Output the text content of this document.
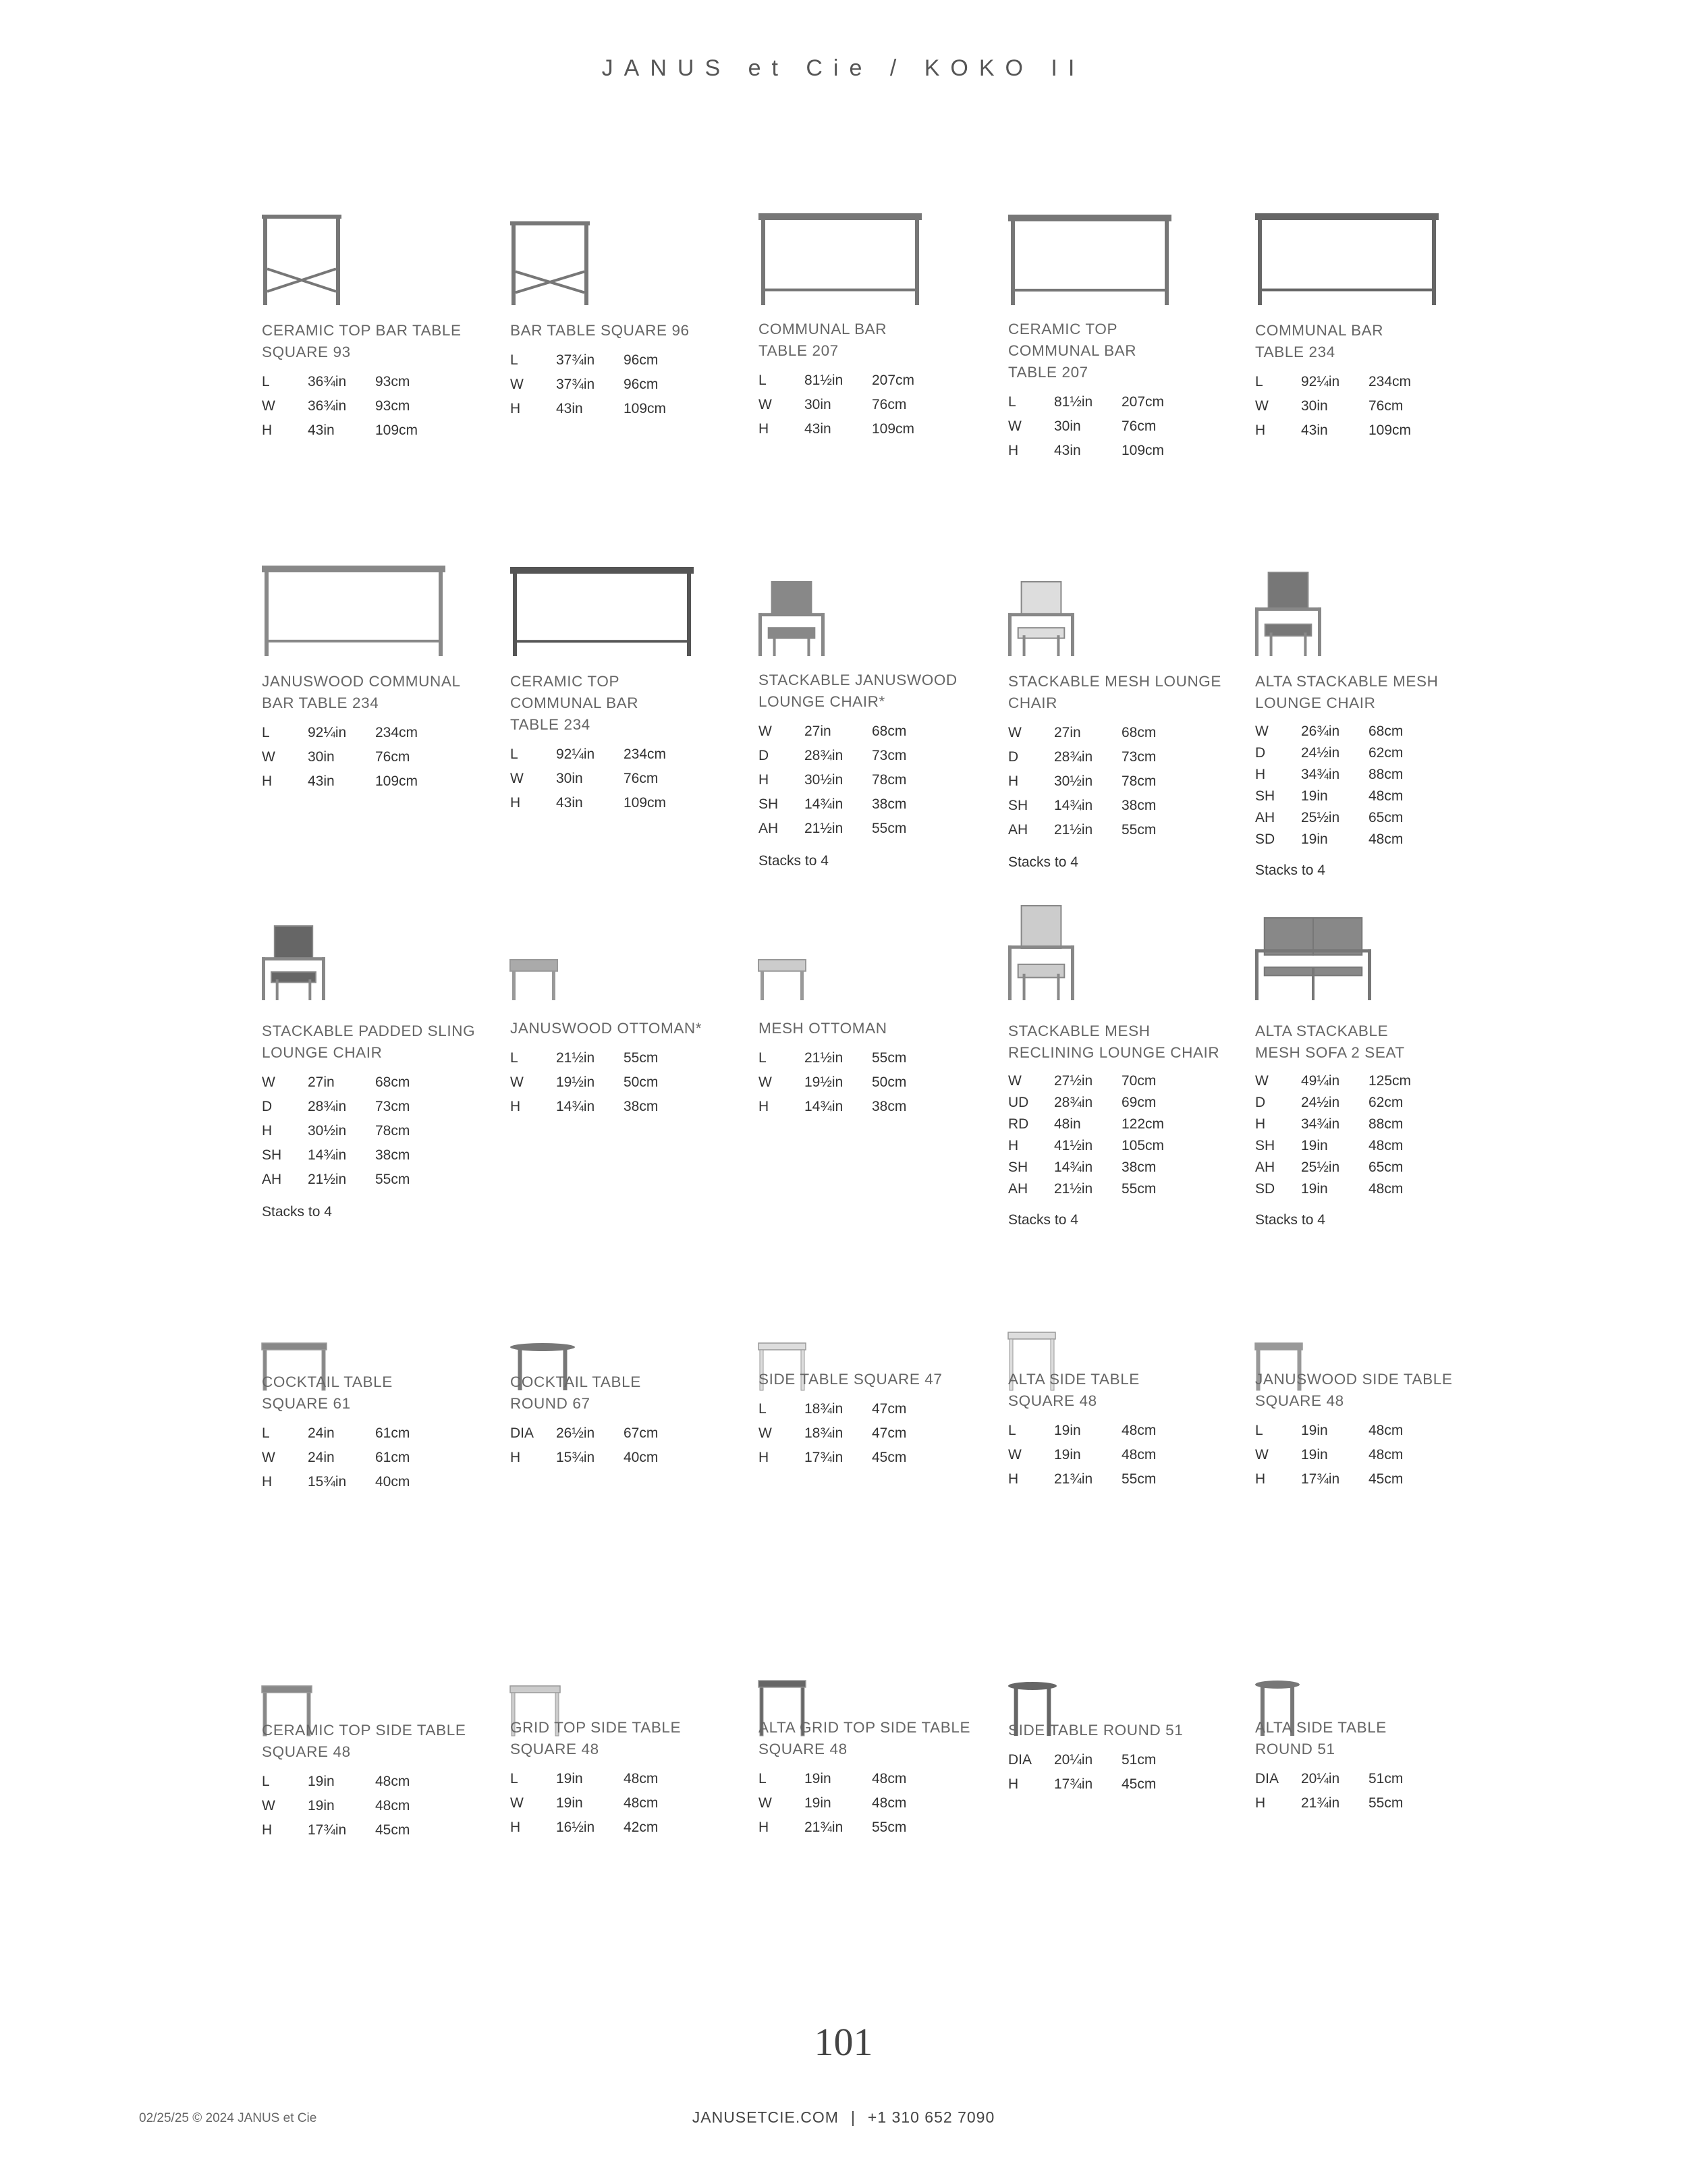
JANUS et Cie / KOKO II
CERAMIC TOP BAR TABLE
SQUARE 93
L	36¾in	93cm
W	36¾in	93cm
H	43in	109cm
BAR TABLE SQUARE 96
L	37¾in	96cm
W	37¾in	96cm
H	43in	109cm
COMMUNAL BAR
TABLE 207
L	81½in	207cm
W	30in	76cm
H	43in	109cm
CERAMIC TOP
COMMUNAL BAR
TABLE 207
L	81½in	207cm
W	30in	76cm
H	43in	109cm
COMMUNAL BAR
TABLE 234
L	92¼in	234cm
W	30in	76cm
H	43in	109cm
JANUSWOOD COMMUNAL
BAR TABLE 234
L	92¼in	234cm
W	30in	76cm
H	43in	109cm
CERAMIC TOP
COMMUNAL BAR
TABLE 234
L	92¼in	234cm
W	30in	76cm
H	43in	109cm
STACKABLE JANUSWOOD
LOUNGE CHAIR*
W	27in	68cm
D	28¾in	73cm
H	30½in	78cm
SH	14¾in	38cm
AH	21½in	55cm
Stacks to 4
STACKABLE MESH LOUNGE
CHAIR
W	27in	68cm
D	28¾in	73cm
H	30½in	78cm
SH	14¾in	38cm
AH	21½in	55cm
Stacks to 4
ALTA STACKABLE MESH
LOUNGE CHAIR
W	26¾in	68cm
D	24½in	62cm
H	34¾in	88cm
SH	19in	48cm
AH	25½in	65cm
SD	19in	48cm
Stacks to 4
STACKABLE PADDED SLING
LOUNGE CHAIR
W	27in	68cm
D	28¾in	73cm
H	30½in	78cm
SH	14¾in	38cm
AH	21½in	55cm
Stacks to 4
JANUSWOOD OTTOMAN*
L	21½in	55cm
W	19½in	50cm
H	14¾in	38cm
MESH OTTOMAN
L	21½in	55cm
W	19½in	50cm
H	14¾in	38cm
STACKABLE MESH
RECLINING LOUNGE CHAIR
W	27½in	70cm
UD	28¾in	69cm
RD	48in	122cm
H	41½in	105cm
SH	14¾in	38cm
AH	21½in	55cm
Stacks to 4
ALTA STACKABLE
MESH SOFA 2 SEAT
W	49¼in	125cm
D	24½in	62cm
H	34¾in	88cm
SH	19in	48cm
AH	25½in	65cm
SD	19in	48cm
Stacks to 4
COCKTAIL TABLE
SQUARE 61
L	24in	61cm
W	24in	61cm
H	15¾in	40cm
COCKTAIL TABLE
ROUND 67
DIA	26½in	67cm
H	15¾in	40cm
SIDE TABLE SQUARE 47
L	18¾in	47cm
W	18¾in	47cm
H	17¾in	45cm
ALTA SIDE TABLE
SQUARE 48
L	19in	48cm
W	19in	48cm
H	21¾in	55cm
JANUSWOOD SIDE TABLE
SQUARE 48
L	19in	48cm
W	19in	48cm
H	17¾in	45cm
CERAMIC TOP SIDE TABLE
SQUARE 48
L	19in	48cm
W	19in	48cm
H	17¾in	45cm
GRID TOP SIDE TABLE
SQUARE 48
L	19in	48cm
W	19in	48cm
H	16½in	42cm
ALTA GRID TOP SIDE TABLE
SQUARE 48
L	19in	48cm
W	19in	48cm
H	21¾in	55cm
SIDE TABLE ROUND 51
DIA	20¼in	51cm
H	17¾in	45cm
ALTA SIDE TABLE
ROUND 51
DIA	20¼in	51cm
H	21¾in	55cm
101
02/25/25 © 2024 JANUS et Cie	JANUSETCIE.COM | +1 310 652 7090
